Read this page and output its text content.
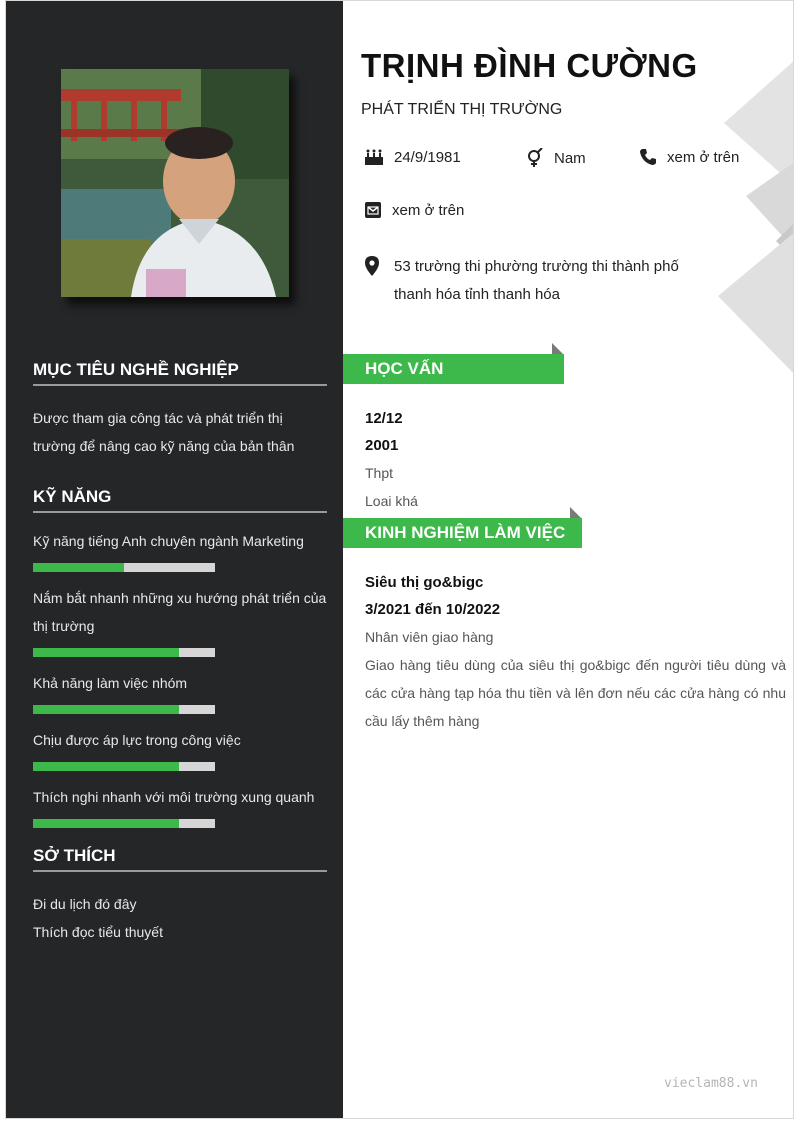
MỤC TIÊU NGHỀ NGHIỆP
Được tham gia công tác và phát triển thị trường để nâng cao kỹ năng của bản thân
KỸ NĂNG
Kỹ năng tiếng Anh chuyên ngành Marketing
Nắm bắt nhanh những xu hướng phát triển của thị trường
Khả năng làm việc nhóm
Chịu được áp lực trong công việc
Thích nghi nhanh với môi trường xung quanh
SỞ THÍCH
Đi du lịch đó đây
Thích đọc tiểu thuyết
TRỊNH ĐÌNH CƯỜNG
PHÁT TRIỂN THỊ TRƯỜNG
24/9/1981	Nam	xem ở trên
xem ở trên
53 trường thi phường trường thi thành phố thanh hóa tỉnh thanh hóa
HỌC VẤN
12/12
2001
Thpt
Loai khá
KINH NGHIỆM LÀM VIỆC
Siêu thị go&bigc
3/2021 đến 10/2022
Nhân viên giao hàng
Giao hàng tiêu dùng của siêu thị go&bigc đến người tiêu dùng và các cửa hàng tạp hóa thu tiền và lên đơn nếu các cửa hàng có nhu cầu lấy thêm hàng
vieclam88.vn
